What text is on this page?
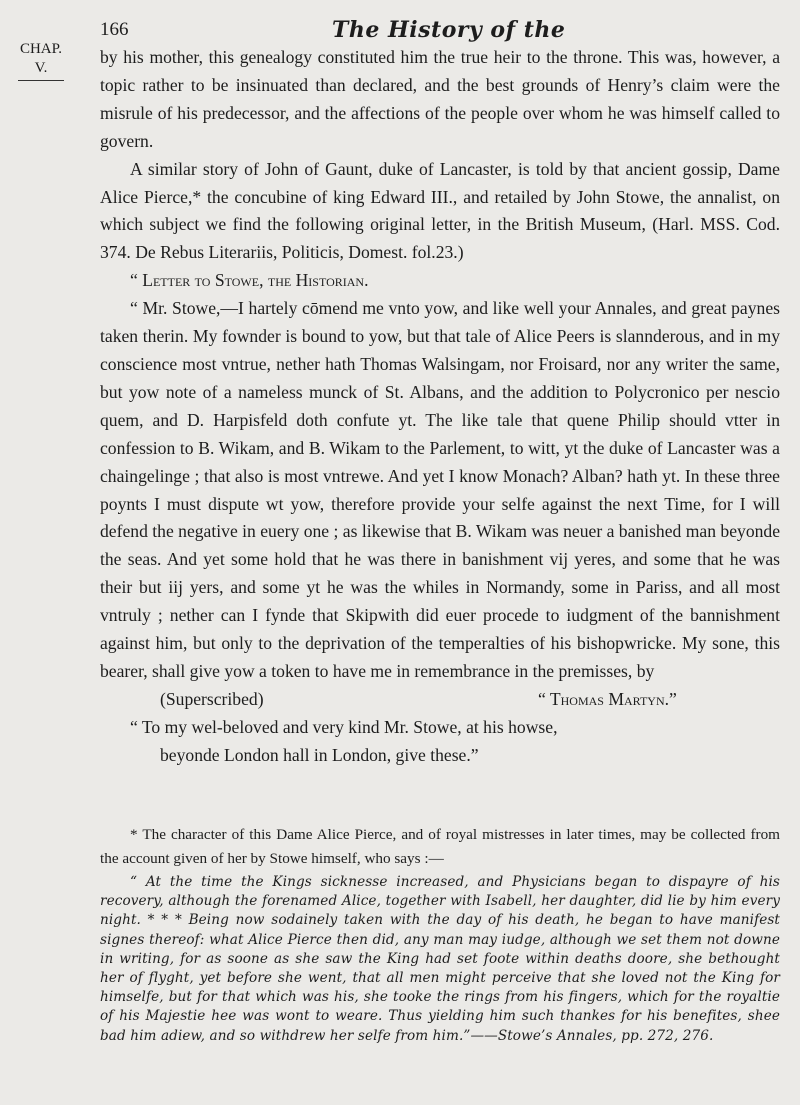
CHAP.
V.
166	The History of the

by his mother, this genealogy constituted him the true heir to the throne. This was, however, a topic rather to be insinuated than declared, and the best grounds of Henry’s claim were the misrule of his predecessor, and the affections of the people over whom he was himself called to govern.

A similar story of John of Gaunt, duke of Lancaster, is told by that ancient gossip, Dame Alice Pierce,* the concubine of king Edward III., and retailed by John Stowe, the annalist, on which subject we find the following original letter, in the British Museum, (Harl. MSS. Cod. 374. De Rebus Literariis, Politicis, Domest. fol.23.)

“ Letter to Stowe, the Historian.

“ Mr. Stowe,—I hartely cōmend me vnto yow, and like well your Annales, and great paynes taken therin. My fownder is bound to yow, but that tale of Alice Peers is slannderous, and in my conscience most vntrue, nether hath Thomas Walsingam, nor Froisard, nor any writer the same, but yow note of a nameless munck of St. Albans, and the addition to Polycronico per nescio quem, and D. Harpisfeld doth confute yt. The like tale that quene Philip should vtter in confession to B. Wikam, and B. Wikam to the Parlement, to witt, yt the duke of Lancaster was a chaingelinge ; that also is most vntrewe. And yet I know Monach? Alban? hath yt. In these three poynts I must dispute wt yow, therefore provide your selfe against the next Time, for I will defend the negative in euery one ; as likewise that B. Wikam was neuer a banished man beyonde the seas. And yet some hold that he was there in banishment vij yeres, and some that he was their but iij yers, and some yt he was the whiles in Normandy, some in Pariss, and all most vntruly ; nether can I fynde that Skipwith did euer procede to iudgment of the bannishment against him, but only to the deprivation of the temperalties of his bishopwricke. My sone, this bearer, shall give yow a token to have me in remembrance in the premisses, by

(Superscribed)	“ Thomas Martyn.”

“ To my wel-beloved and very kind Mr. Stowe, at his howse,

beyonde London hall in London, give these.”

* The character of this Dame Alice Pierce, and of royal mistresses in later times, may be collected from the account given of her by Stowe himself, who says :—

“ At the time the Kings sicknesse increased, and Physicians began to dispayre of his recovery, although the forenamed Alice, together with Isabell, her daughter, did lie by him every night. * * * Being now sodainely taken with the day of his death, he began to have manifest signes thereof: what Alice Pierce then did, any man may iudge, although we set them not downe in writing, for as soone as she saw the King had set foote within deaths doore, she bethought her of flyght, yet before she went, that all men might perceive that she loved not the King for himselfe, but for that which was his, she tooke the rings from his fingers, which for the royaltie of his Majestie hee was wont to weare. Thus yielding him such thankes for his benefites, shee bad him adiew, and so withdrew her selfe from him.”——Stowe’s Annales, pp. 272, 276.
